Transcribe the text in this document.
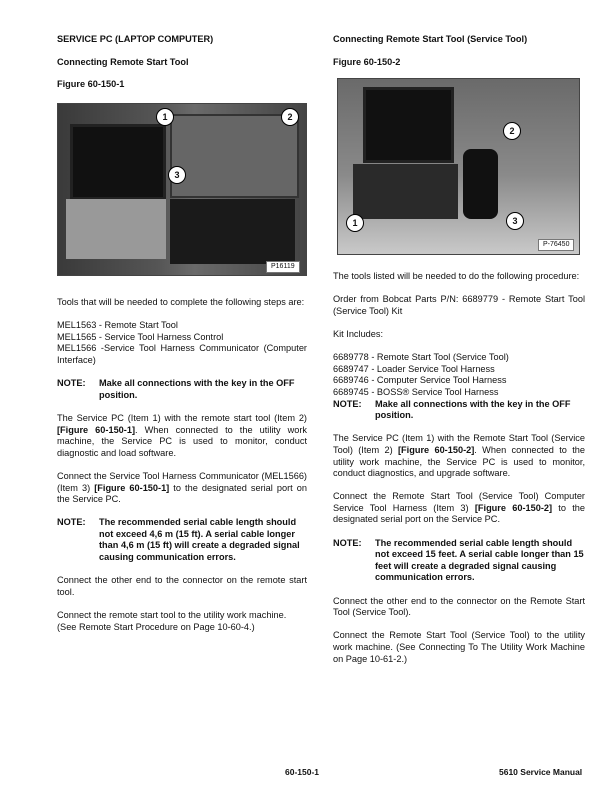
SERVICE PC (LAPTOP COMPUTER)
Connecting Remote Start Tool
Figure 60-150-1
1	2
3
P16119

Tools that will be needed to complete the following steps are:

MEL1563 - Remote Start Tool
MEL1565 - Service Tool Harness Control
MEL1566 -Service Tool Harness Communicator (Computer Interface)
NOTE:	Make all connections with the key in the OFF position.

The Service PC (Item 1) with the remote start tool (Item 2) [Figure 60-150-1]. When connected to the utility work machine, the Service PC is used to monitor, conduct diagnostic and load software.

Connect the Service Tool Harness Communicator (MEL1566) (Item 3) [Figure 60-150-1] to the designated serial port on the Service PC.

NOTE:	The recommended serial cable length should not exceed 4,6 m (15 ft). A serial cable longer than 4,6 m (15 ft) will create a degraded signal causing communication errors.

Connect the other end to the connector on the remote start tool.

Connect the remote start tool to the utility work machine. (See Remote Start Procedure on Page 10-60-4.)

Connecting Remote Start Tool (Service Tool)
Figure 60-150-2
2
1	3
P-76450

The tools listed will be needed to do the following procedure:

Order from Bobcat Parts P/N: 6689779 - Remote Start Tool (Service Tool) Kit

Kit Includes:

6689778 - Remote Start Tool (Service Tool)
6689747 - Loader Service Tool Harness
6689746 - Computer Service Tool Harness
6689745 - BOSS® Service Tool Harness
NOTE:	Make all connections with the key in the OFF position.

The Service PC (Item 1) with the Remote Start Tool (Service Tool) (Item 2) [Figure 60-150-2]. When connected to the utility work machine, the Service PC is used to monitor, conduct diagnostics, and upgrade software.

Connect the Remote Start Tool (Service Tool) Computer Service Tool Harness (Item 3) [Figure 60-150-2] to the designated serial port on the Service PC.

NOTE:	The recommended serial cable length should not exceed 15 feet. A serial cable longer than 15 feet will create a degraded signal causing communication errors.

Connect the other end to the connector on the Remote Start Tool (Service Tool).

Connect the Remote Start Tool (Service Tool) to the utility work machine. (See Connecting To The Utility Work Machine on Page 10-61-2.)

60-150-1	5610 Service Manual
